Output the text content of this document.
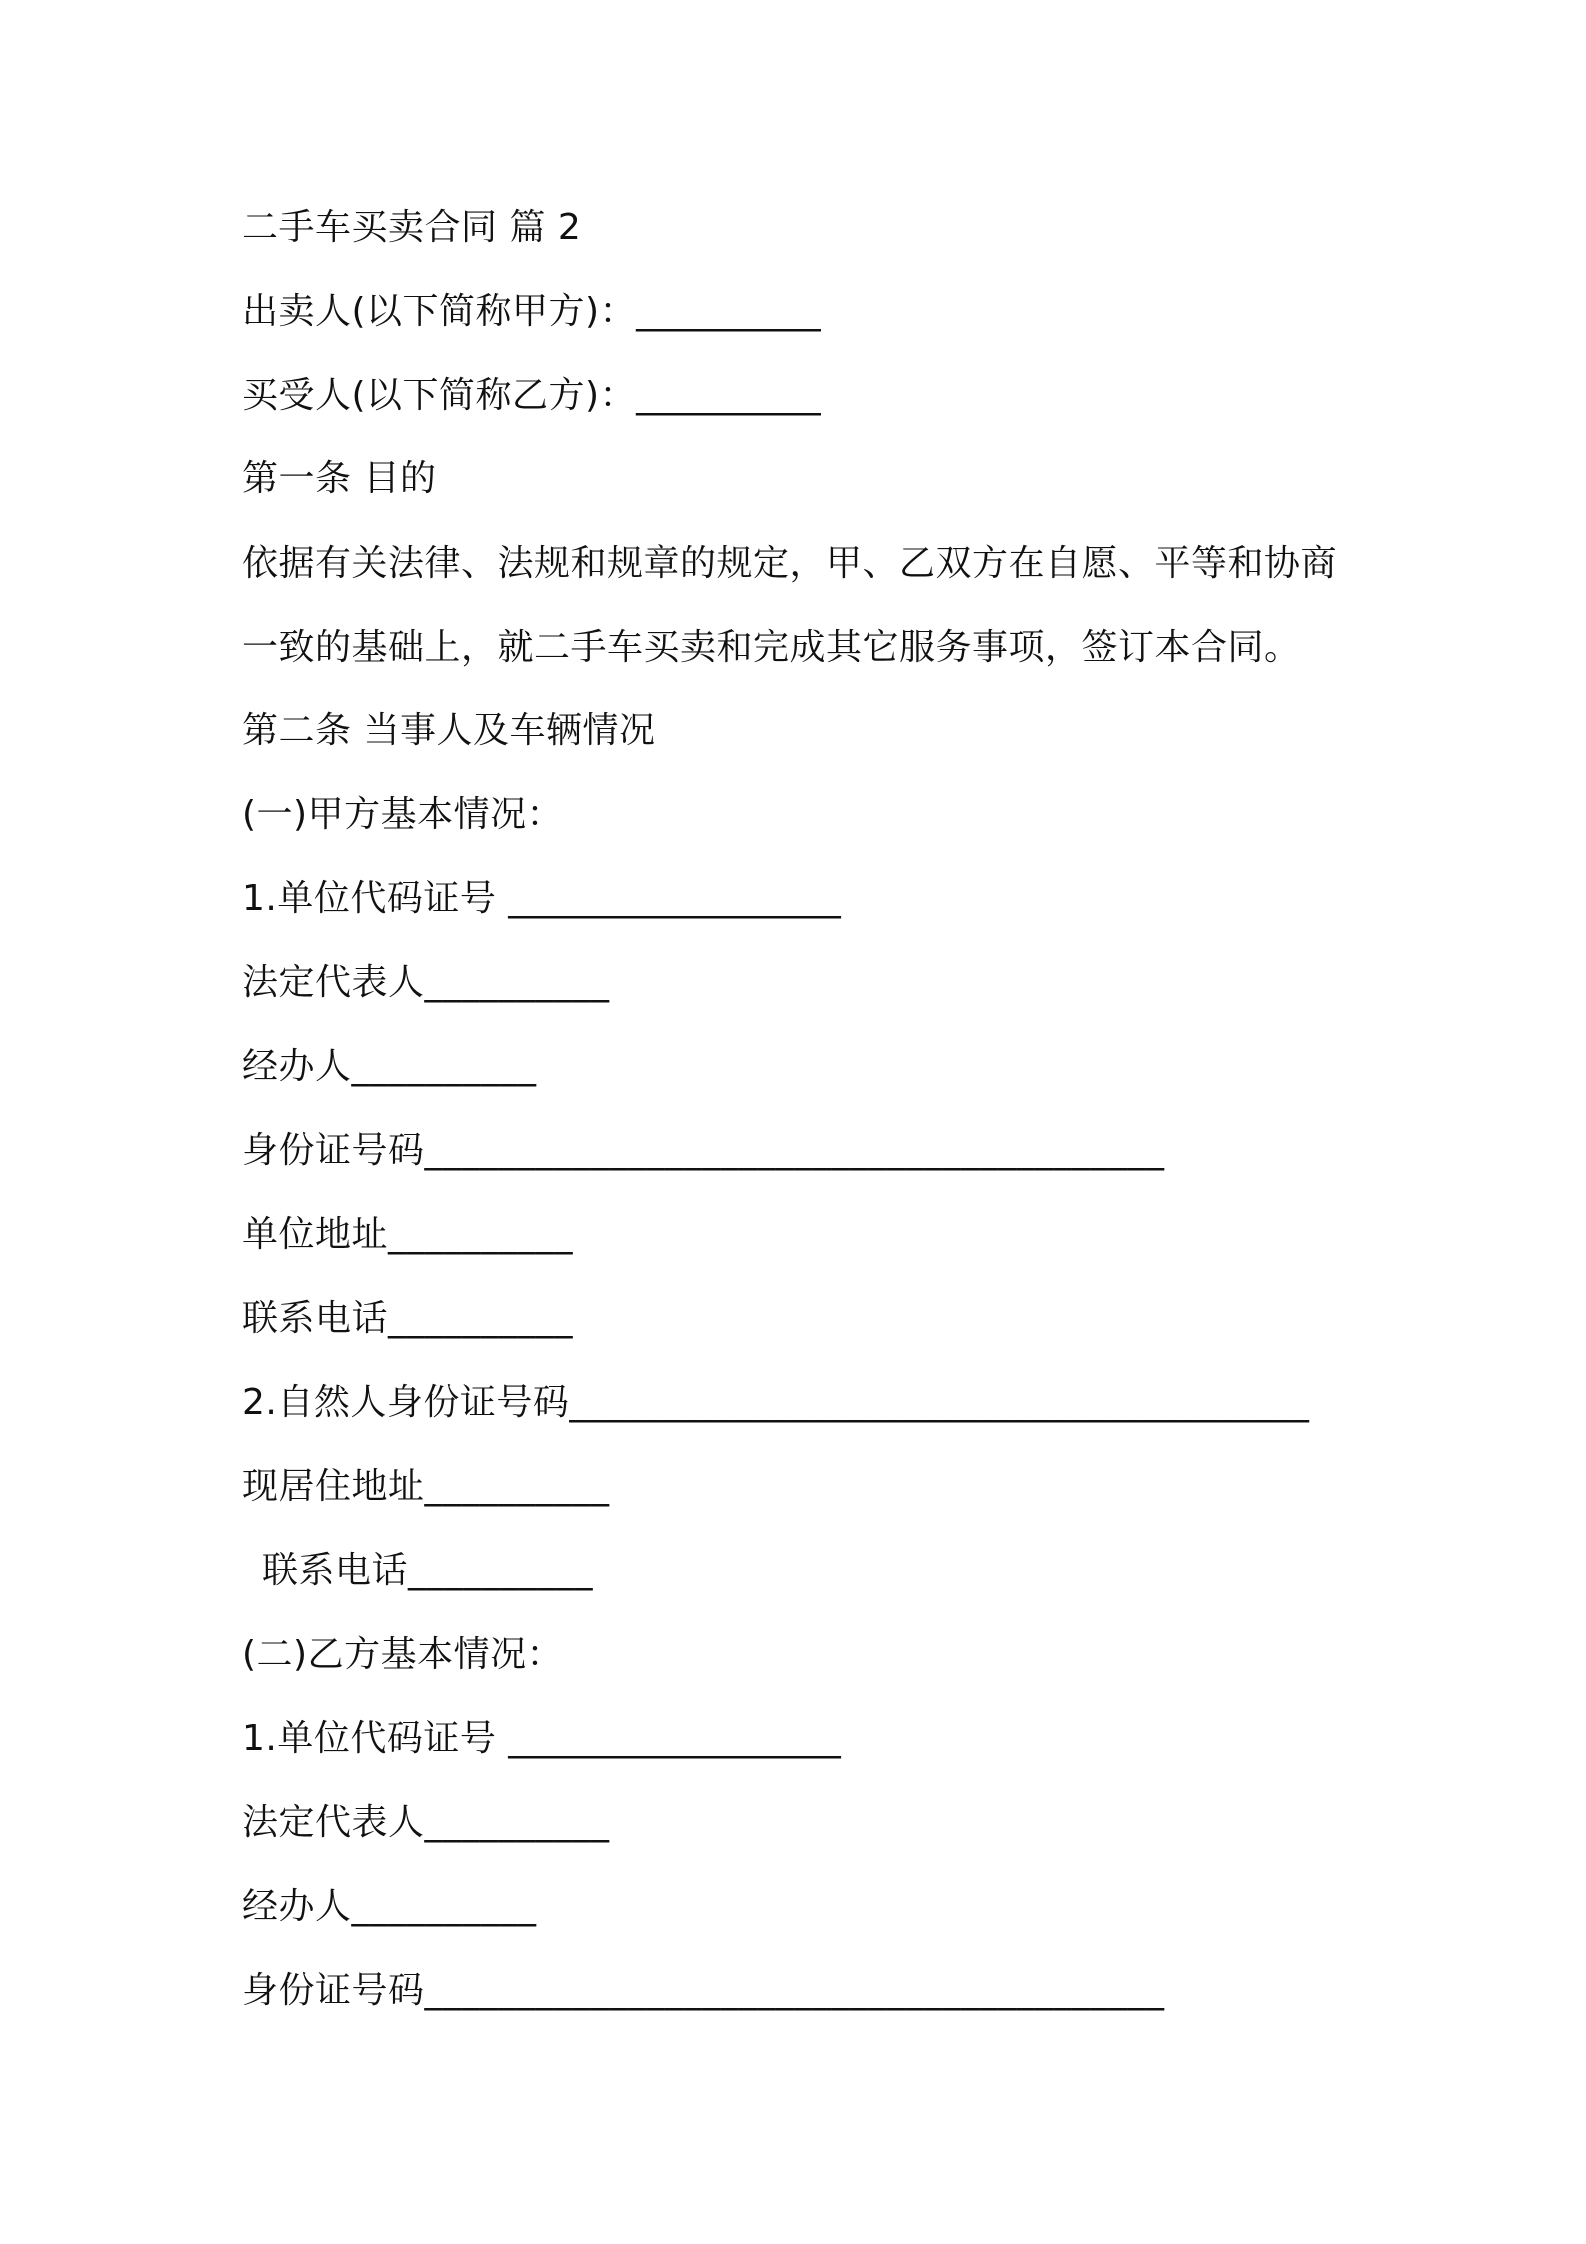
二手车买卖合同 篇 2
出卖人(以下简称甲方)：__________
买受人(以下简称乙方)：__________
第一条 目的
依据有关法律、法规和规章的规定，甲、乙双方在自愿、平等和协商
一致的基础上，就二手车买卖和完成其它服务事项，签订本合同。
第二条 当事人及车辆情况
(一)甲方基本情况：
1.单位代码证号 __________________
法定代表人__________
经办人__________
身份证号码________________________________________
单位地址__________
联系电话__________
2.自然人身份证号码________________________________________
现居住地址__________
联系电话__________
(二)乙方基本情况：
1.单位代码证号 __________________
法定代表人__________
经办人__________
身份证号码________________________________________
